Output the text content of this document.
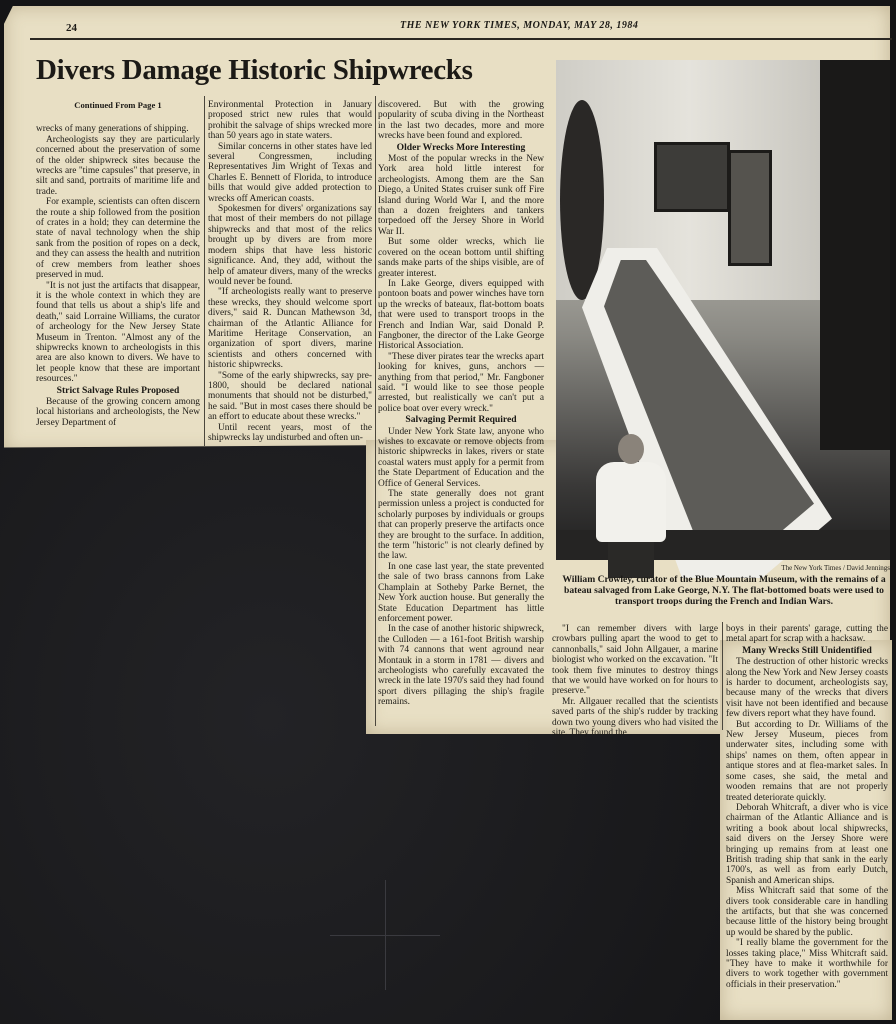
24	THE NEW YORK TIMES, MONDAY, MAY 28, 1984
Divers Damage Historic Shipwrecks

Continued From Page 1

wrecks of many generations of shipping.

Archeologists say they are particularly concerned about the preservation of some of the older shipwreck sites because the wrecks are "time capsules" that preserve, in silt and sand, portraits of maritime life and trade.

For example, scientists can often discern the route a ship followed from the position of crates in a hold; they can determine the state of naval technology when the ship sank from the position of ropes on a deck, and they can assess the health and nutrition of crew members from leather shoes preserved in mud.

"It is not just the artifacts that disappear, it is the whole context in which they are found that tells us about a ship's life and death," said Lorraine Williams, the curator of archeology for the New Jersey State Museum in Trenton. "Almost any of the shipwrecks known to archeologists in this area are also known to divers. We have to let people know that these are important resources."

Strict Salvage Rules Proposed

Because of the growing concern among local historians and archeologists, the New Jersey Department of

Environmental Protection in January proposed strict new rules that would prohibit the salvage of ships wrecked more than 50 years ago in state waters.

Similar concerns in other states have led several Congressmen, including Representatives Jim Wright of Texas and Charles E. Bennett of Florida, to introduce bills that would give added protection to wrecks off American coasts.

Spokesmen for divers' organizations say that most of their members do not pillage shipwrecks and that most of the relics brought up by divers are from more modern ships that have less historic significance. And, they add, without the help of amateur divers, many of the wrecks would never be found.

"If archeologists really want to preserve these wrecks, they should welcome sport divers," said R. Duncan Mathewson 3d, chairman of the Atlantic Alliance for Maritime Heritage Conservation, an organization of sport divers, marine scientists and others concerned with historic shipwrecks.

"Some of the early shipwrecks, say pre-1800, should be declared national monuments that should not be disturbed," he said. "But in most cases there should be an effort to educate about these wrecks."

Until recent years, most of the shipwrecks lay undisturbed and often un-

discovered. But with the growing popularity of scuba diving in the Northeast in the last two decades, more and more wrecks have been found and explored.

Older Wrecks More Interesting

Most of the popular wrecks in the New York area hold little interest for archeologists. Among them are the San Diego, a United States cruiser sunk off Fire Island during World War I, and the more than a dozen freighters and tankers torpedoed off the Jersey Shore in World War II.

But some older wrecks, which lie covered on the ocean bottom until shifting sands make parts of the ships visible, are of greater interest.

In Lake George, divers equipped with pontoon boats and power winches have torn up the wrecks of bateaux, flat-bottom boats that were used to transport troops in the French and Indian War, said Donald P. Fangboner, the director of the Lake George Historical Association.

"These diver pirates tear the wrecks apart looking for knives, guns, anchors — anything from that period," Mr. Fangboner said. "I would like to see those people arrested, but realistically we can't put a police boat over every wreck."

Salvaging Permit Required

Under New York State law, anyone who wishes to excavate or remove objects from historic shipwrecks in lakes, rivers or state coastal waters must apply for a permit from the State Department of Education and the Office of General Services.

The state generally does not grant permission unless a project is conducted for scholarly purposes by individuals or groups that can properly preserve the artifacts once they are brought to the surface. In addition, the term "historic" is not clearly defined by the law.

In one case last year, the state prevented the sale of two brass cannons from Lake Champlain at Sotheby Parke Bernet, the New York auction house. But generally the State Education Department has little enforcement power.

In the case of another historic shipwreck, the Culloden — a 161-foot British warship with 74 cannons that went aground near Montauk in a storm in 1781 — divers and archeologists who carefully excavated the wreck in the late 1970's said they had found sport divers pillaging the ship's fragile remains.

The New York Times / David Jennings
William Crowley, curator of the Blue Mountain Museum, with the remains of a bateau salvaged from Lake George, N.Y. The flat-bottomed boats were used to transport troops during the French and Indian Wars.

"I can remember divers with large crowbars pulling apart the wood to get to cannonballs," said John Allgauer, a marine biologist who worked on the excavation. "It took them five minutes to destroy things that we would have worked on for hours to preserve."

Mr. Allgauer recalled that the scientists saved parts of the ship's rudder by tracking down two young divers who had visited the site. They found the

boys in their parents' garage, cutting the metal apart for scrap with a hacksaw.

Many Wrecks Still Unidentified

The destruction of other historic wrecks along the New York and New Jersey coasts is harder to document, archeologists say, because many of the wrecks that divers visit have not been identified and because few divers report what they have found.

But according to Dr. Williams of the New Jersey Museum, pieces from underwater sites, including some with ships' names on them, often appear in antique stores and at flea-market sales. In some cases, she said, the metal and wooden remains that are not properly treated deteriorate quickly.

Deborah Whitcraft, a diver who is vice chairman of the Atlantic Alliance and is writing a book about local shipwrecks, said divers on the Jersey Shore were bringing up remains from at least one British trading ship that sank in the early 1700's, as well as from early Dutch, Spanish and American ships.

Miss Whitcraft said that some of the divers took considerable care in handling the artifacts, but that she was concerned because little of the history being brought up would be shared by the public.

"I really blame the government for the losses taking place," Miss Whitcraft said. "They have to make it worthwhile for divers to work together with government officials in their preservation."
